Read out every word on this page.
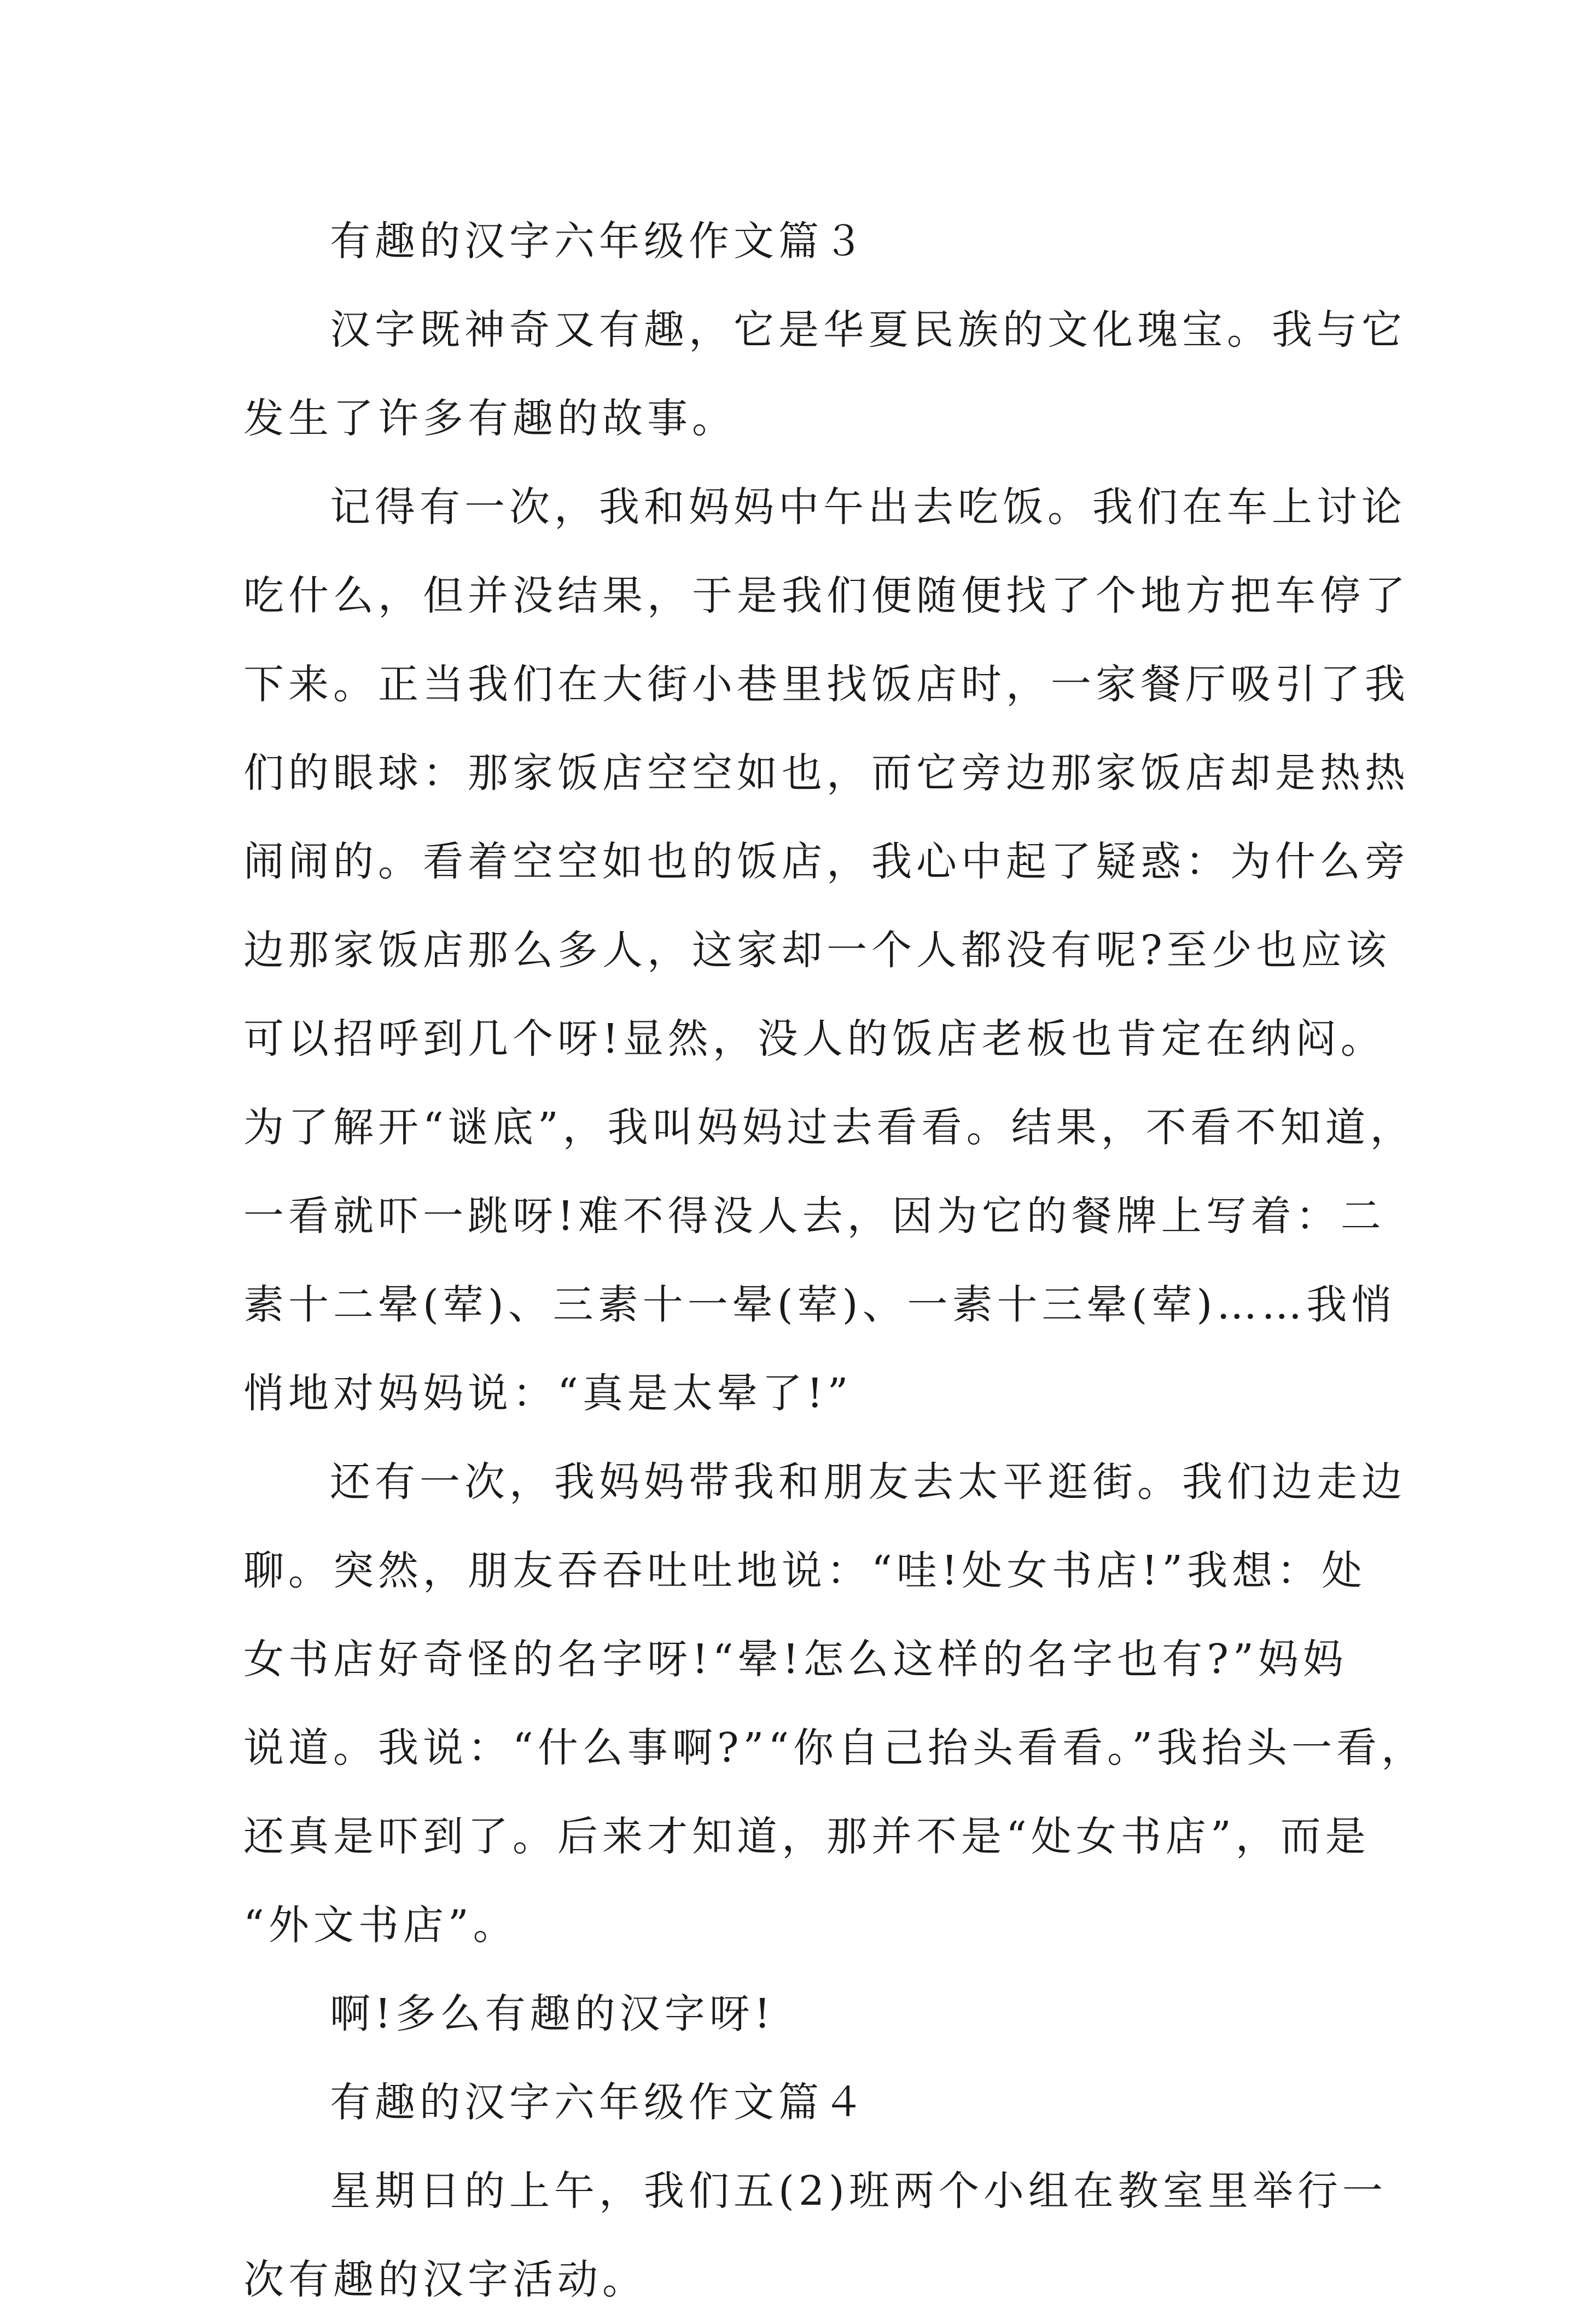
有趣的汉字六年级作文篇３
汉字既神奇又有趣，它是华夏民族的文化瑰宝。我与它
发生了许多有趣的故事。
记得有一次，我和妈妈中午出去吃饭。我们在车上讨论
吃什么，但并没结果，于是我们便随便找了个地方把车停了
下来。正当我们在大街小巷里找饭店时，一家餐厅吸引了我
们的眼球：那家饭店空空如也，而它旁边那家饭店却是热热
闹闹的。看着空空如也的饭店，我心中起了疑惑：为什么旁
边那家饭店那么多人，这家却一个人都没有呢?至少也应该
可以招呼到几个呀!显然，没人的饭店老板也肯定在纳闷。
为了解开“谜底”，我叫妈妈过去看看。结果，不看不知道，
一看就吓一跳呀!难不得没人去，因为它的餐牌上写着：二
素十二晕(荤)、三素十一晕(荤)、一素十三晕(荤)……我悄
悄地对妈妈说：“真是太晕了!”
还有一次，我妈妈带我和朋友去太平逛街。我们边走边
聊。突然，朋友吞吞吐吐地说：“哇!处女书店!”我想：处
女书店好奇怪的名字呀!“晕!怎么这样的名字也有?”妈妈
说道。我说：“什么事啊?”“你自己抬头看看。”我抬头一看，
还真是吓到了。后来才知道，那并不是“处女书店”，而是
“外文书店”。
啊!多么有趣的汉字呀!
有趣的汉字六年级作文篇４
星期日的上午，我们五(2)班两个小组在教室里举行一
次有趣的汉字活动。
